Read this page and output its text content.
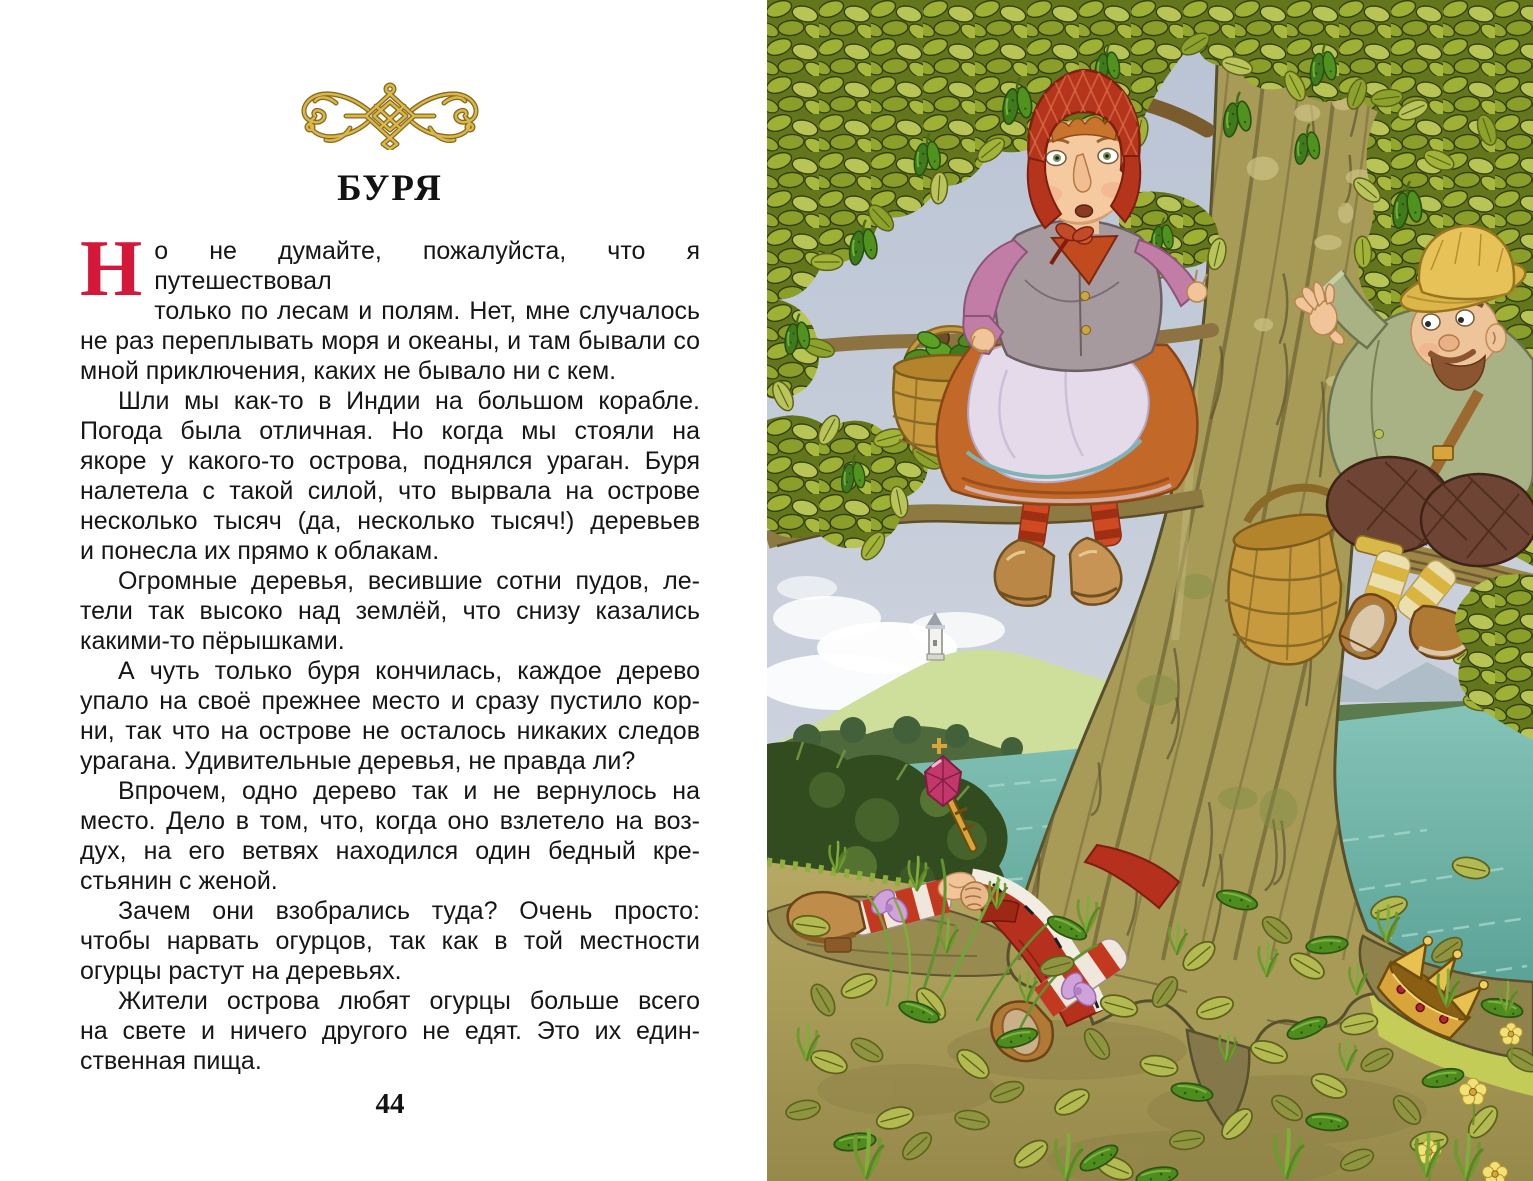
БУРЯ
Н о не думайте, пожалуйста, что я путешествовал
только по лесам и полям. Нет, мне случалось
не раз переплывать моря и океаны, и там бывали со
мной приключения, каких не бывало ни с кем.
Шли мы как-то в Индии на большом корабле.
Погода была отличная. Но когда мы стояли на
якоре у какого-то острова, поднялся ураган. Буря
налетела с такой силой, что вырвала на острове
несколько тысяч (да, несколько тысяч!) деревьев
и понесла их прямо к облакам.
Огромные деревья, весившие сотни пудов, ле-
тели так высоко над землёй, что снизу казались
какими-то пёрышками.
А чуть только буря кончилась, каждое дерево
упало на своё прежнее место и сразу пустило кор-
ни, так что на острове не осталось никаких следов
урагана. Удивительные деревья, не правда ли?
Впрочем, одно дерево так и не вернулось на
место. Дело в том, что, когда оно взлетело на воз-
дух, на его ветвях находился один бедный кре-
стьянин с женой.
Зачем они взобрались туда? Очень просто:
чтобы нарвать огурцов, так как в той местности
огурцы растут на деревьях.
Жители острова любят огурцы больше всего
на свете и ничего другого не едят. Это их един-
ственная пища.
44
